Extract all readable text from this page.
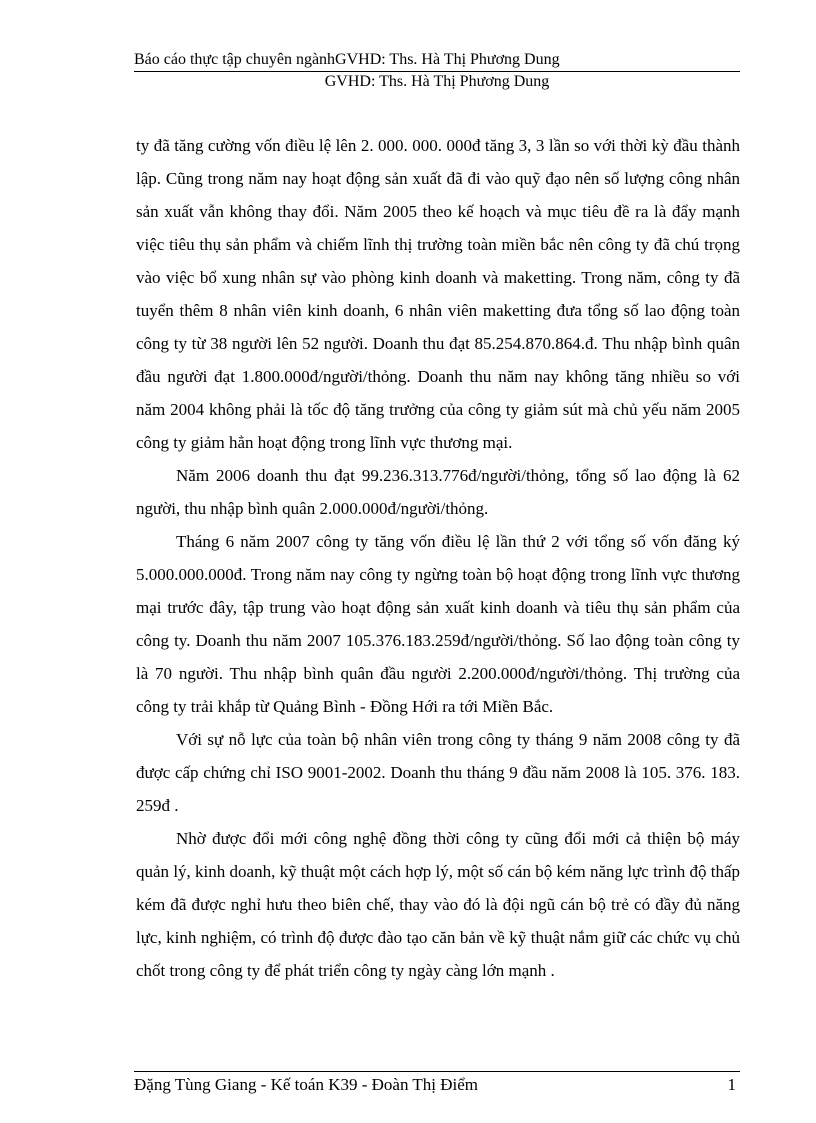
Báo cáo thực tập chuyên ngànhGVHD: Ths. Hà Thị Phương Dung
GVHD: Ths. Hà Thị Phương Dung

ty đã tăng cường vốn điều lệ lên 2. 000. 000. 000đ tăng 3, 3 lần so với thời kỳ đầu thành lập. Cũng trong năm nay hoạt động sản xuất đã đi vào quỹ đạo nên số lượng công nhân sản xuất vẫn không thay đổi. Năm 2005 theo kế hoạch và mục tiêu đề ra là đẩy mạnh việc tiêu thụ sản phẩm và chiếm lĩnh thị trường toàn miền bắc nên công ty đã chú trọng vào việc bổ xung nhân sự vào phòng kinh doanh và maketting. Trong năm, công ty đã tuyển thêm 8 nhân viên kinh doanh, 6 nhân viên maketting đưa tổng số lao động toàn công ty từ 38 người lên 52 người. Doanh thu đạt 85.254.870.864.đ. Thu nhập bình quân đầu người đạt 1.800.000đ/người/thỏng. Doanh thu năm nay không tăng nhiều so với năm 2004 không phải là tốc độ tăng trưởng của công ty giảm sút mà chủ yếu năm 2005 công ty giảm hẳn hoạt động trong lĩnh vực thương mại.

Năm 2006 doanh thu đạt 99.236.313.776đ/người/thỏng, tổng số lao động là 62 người, thu nhập bình quân 2.000.000đ/người/thỏng.

Tháng 6 năm 2007 công ty tăng vốn điều lệ lần thứ 2 với tổng số vốn đăng ký 5.000.000.000đ. Trong năm nay công ty ngừng toàn bộ hoạt động trong lĩnh vực thương mại trước đây, tập trung vào hoạt động sản xuất kinh doanh và tiêu thụ sản phẩm của công ty. Doanh thu năm 2007 105.376.183.259đ/người/thỏng. Số lao động toàn công ty là 70 người. Thu nhập bình quân đầu người 2.200.000đ/người/thỏng. Thị trường của công ty trải khắp từ Quảng Bình - Đồng Hới ra tới Miền Bắc.

Với sự nỗ lực của toàn bộ nhân viên trong công ty tháng 9 năm 2008 công ty đã được cấp chứng chỉ ISO 9001-2002. Doanh thu tháng 9 đầu năm 2008 là 105. 376. 183. 259đ .

Nhờ được đổi mới công nghệ đồng thời công ty cũng đổi mới cả thiện bộ máy quản lý, kinh doanh, kỹ thuật một cách hợp lý, một số cán bộ kém năng lực trình độ thấp kém đã được nghỉ hưu theo biên chế, thay vào đó là đội ngũ cán bộ trẻ có đầy đủ năng lực, kinh nghiệm, có trình độ được đào tạo căn bản về kỹ thuật nắm giữ các chức vụ chủ chốt trong công ty để phát triển công ty ngày càng lớn mạnh .

Đặng Tùng Giang - Kế toán K39 - Đoàn Thị Điểm	1
